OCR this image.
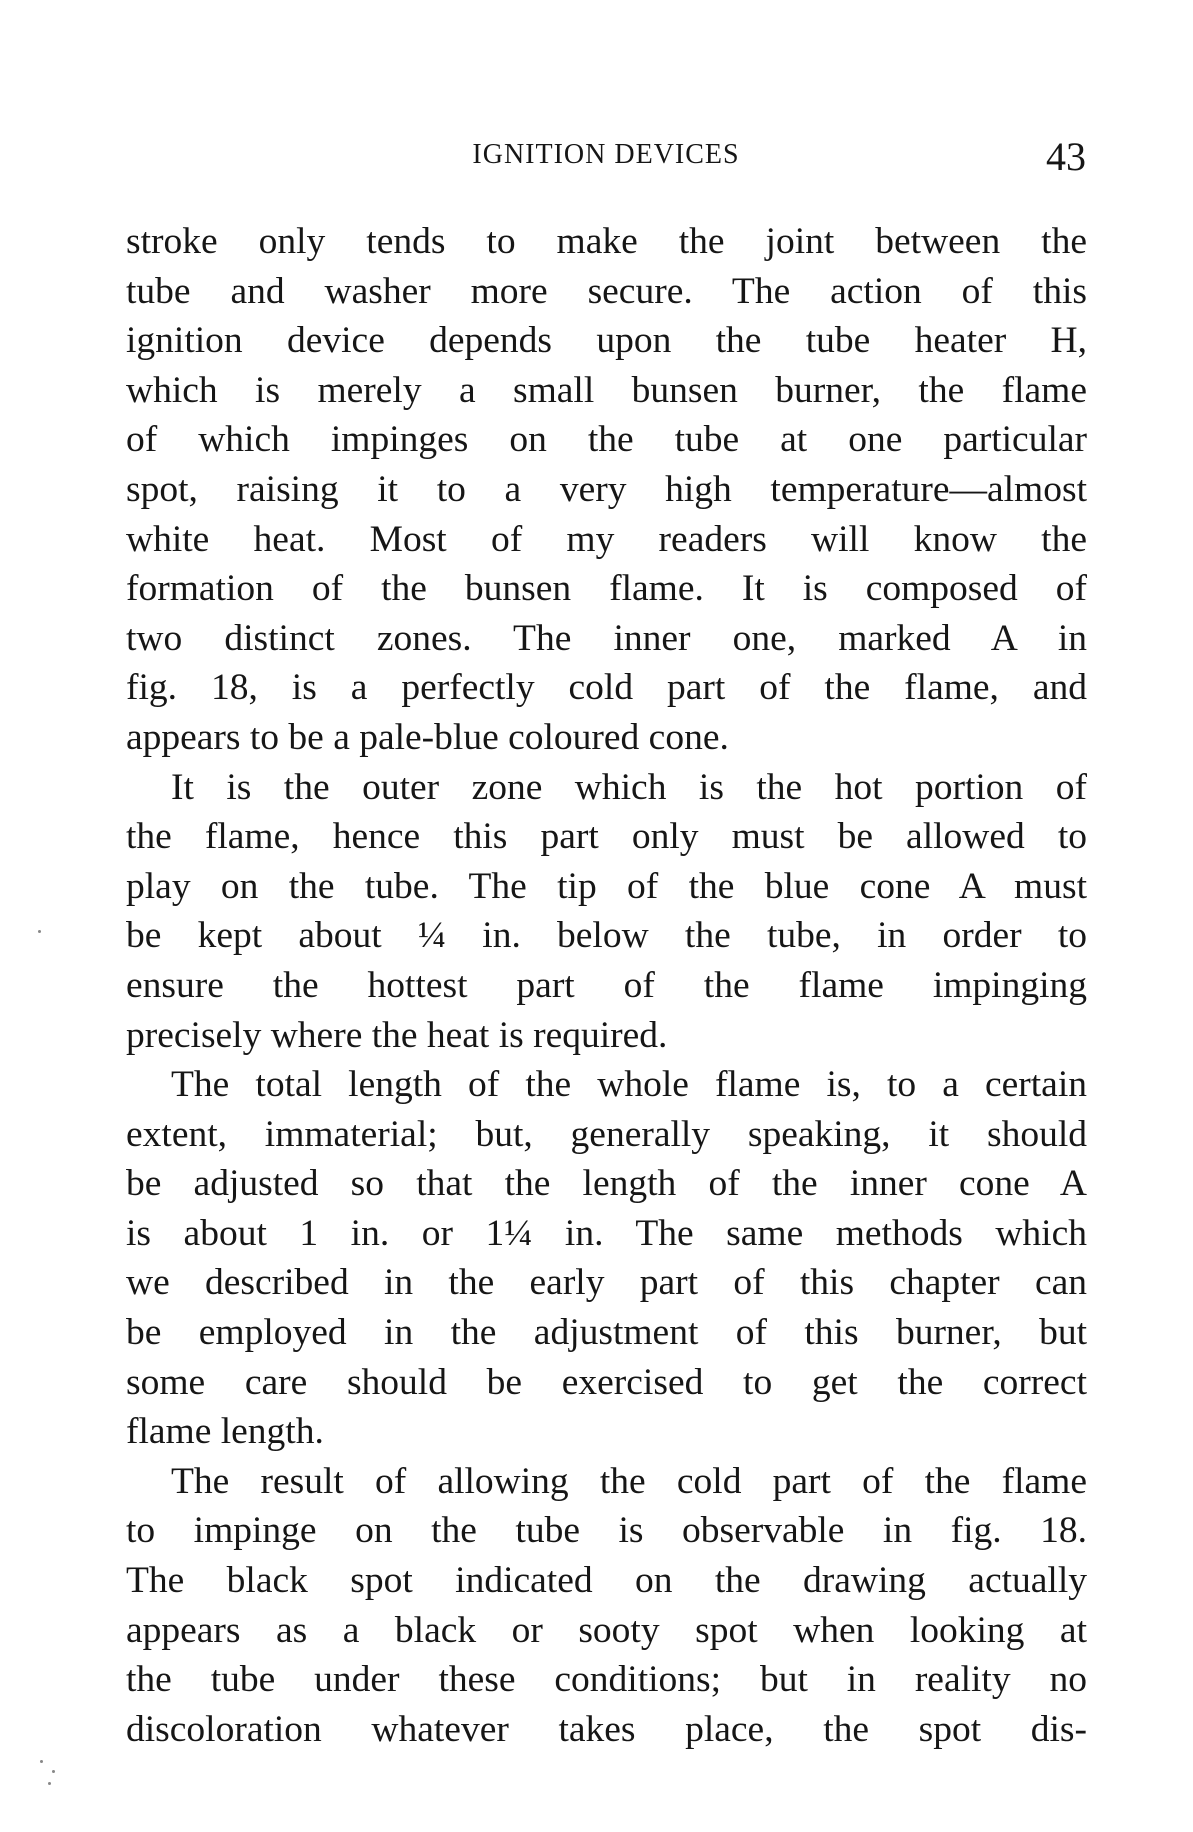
IGNITION DEVICES	43
stroke only tends to make the joint between the
tube and washer more secure. The action of this
ignition device depends upon the tube heater H,
which is merely a small bunsen burner, the flame
of which impinges on the tube at one particular
spot, raising it to a very high temperature—almost
white heat. Most of my readers will know the
formation of the bunsen flame. It is composed of
two distinct zones. The inner one, marked A in
fig. 18, is a perfectly cold part of the flame, and
appears to be a pale-blue coloured cone.
It is the outer zone which is the hot portion of
the flame, hence this part only must be allowed to
play on the tube. The tip of the blue cone A must
be kept about ¼ in. below the tube, in order to
ensure the hottest part of the flame impinging
precisely where the heat is required.
The total length of the whole flame is, to a certain
extent, immaterial; but, generally speaking, it should
be adjusted so that the length of the inner cone A
is about 1 in. or 1¼ in. The same methods which
we described in the early part of this chapter can
be employed in the adjustment of this burner, but
some care should be exercised to get the correct
flame length.
The result of allowing the cold part of the flame
to impinge on the tube is observable in fig. 18.
The black spot indicated on the drawing actually
appears as a black or sooty spot when looking at
the tube under these conditions; but in reality no
discoloration whatever takes place, the spot dis-
